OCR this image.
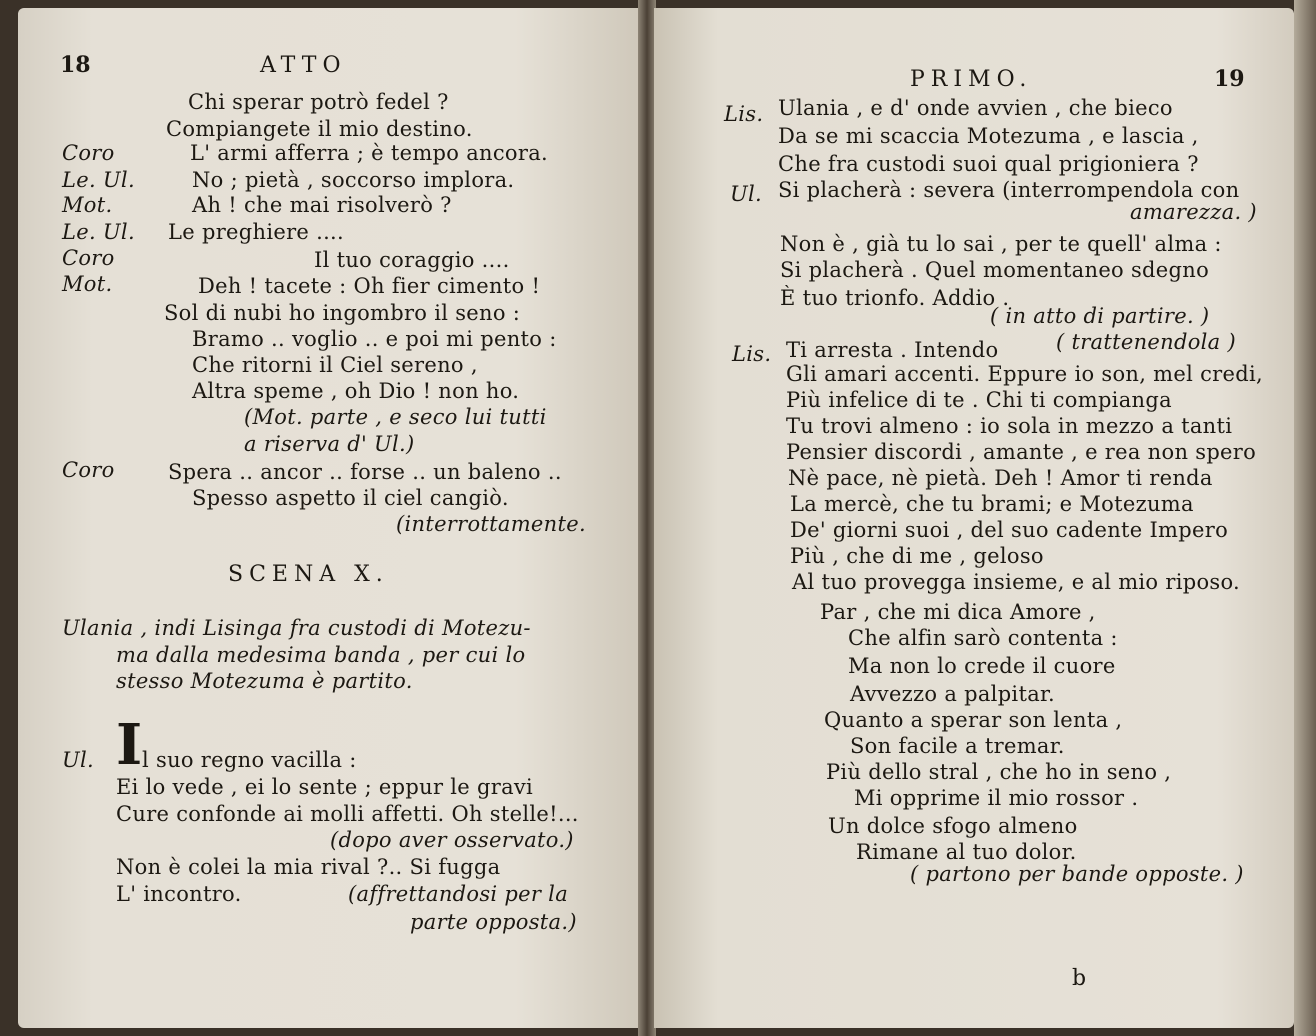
18	ATTO
Chi sperar potrò fedel ?
Compiangete il mio destino.
Coro	L' armi afferra ; è tempo ancora.
Le. Ul.	No ; pietà , soccorso implora.
Mot.	Ah ! che mai risolverò ?
Le. Ul. Le preghiere ....
Coro	Il tuo coraggio ....
Mot.	Deh ! tacete : Oh fier cimento !
Sol di nubi ho ingombro il seno :
Bramo .. voglio .. e poi mi pento :
Che ritorni il Ciel sereno ,
Altra speme , oh Dio ! non ho.
(Mot. parte , e seco lui tutti
a riserva d' Ul.)
Coro	Spera .. ancor .. forse .. un baleno ..
Spesso aspetto il ciel cangiò.
(interrottamente.
SCENA X.
Ulania , indi Lisinga fra custodi di Motezu-
ma dalla medesima banda , per cui lo
stesso Motezuma è partito.
Ul. I l suo regno vacilla :
Ei lo vede , ei lo sente ; eppur le gravi
Cure confonde ai molli affetti. Oh stelle!...
(dopo aver osservato.)
Non è colei la mia rival ?.. Si fugga
L' incontro.	(affrettandosi per la
parte opposta.)
PRIMO.	19
Lis. Ulania , e d' onde avvien , che bieco
Da se mi scaccia Motezuma , e lascia ,
Che fra custodi suoi qual prigioniera ?
Ul. Si placherà : severa (interrompendola con
amarezza. )
Non è , già tu lo sai , per te quell' alma :
Si placherà . Quel momentaneo sdegno
È tuo trionfo. Addio .
( in atto di partire. )
Lis. Ti arresta . Intendo	( trattenendola )
Gli amari accenti. Eppure io son, mel credi,
Più infelice di te . Chi ti compianga
Tu trovi almeno : io sola in mezzo a tanti
Pensier discordi , amante , e rea non spero
Nè pace, nè pietà. Deh ! Amor ti renda
La mercè, che tu brami; e Motezuma
De' giorni suoi , del suo cadente Impero
Più , che di me , geloso
Al tuo provegga insieme, e al mio riposo.
Par , che mi dica Amore ,
Che alfin sarò contenta :
Ma non lo crede il cuore
Avvezzo a palpitar.
Quanto a sperar son lenta ,
Son facile a tremar.
Più dello stral , che ho in seno ,
Mi opprime il mio rossor .
Un dolce sfogo almeno
Rimane al tuo dolor.
( partono per bande opposte. )
b
